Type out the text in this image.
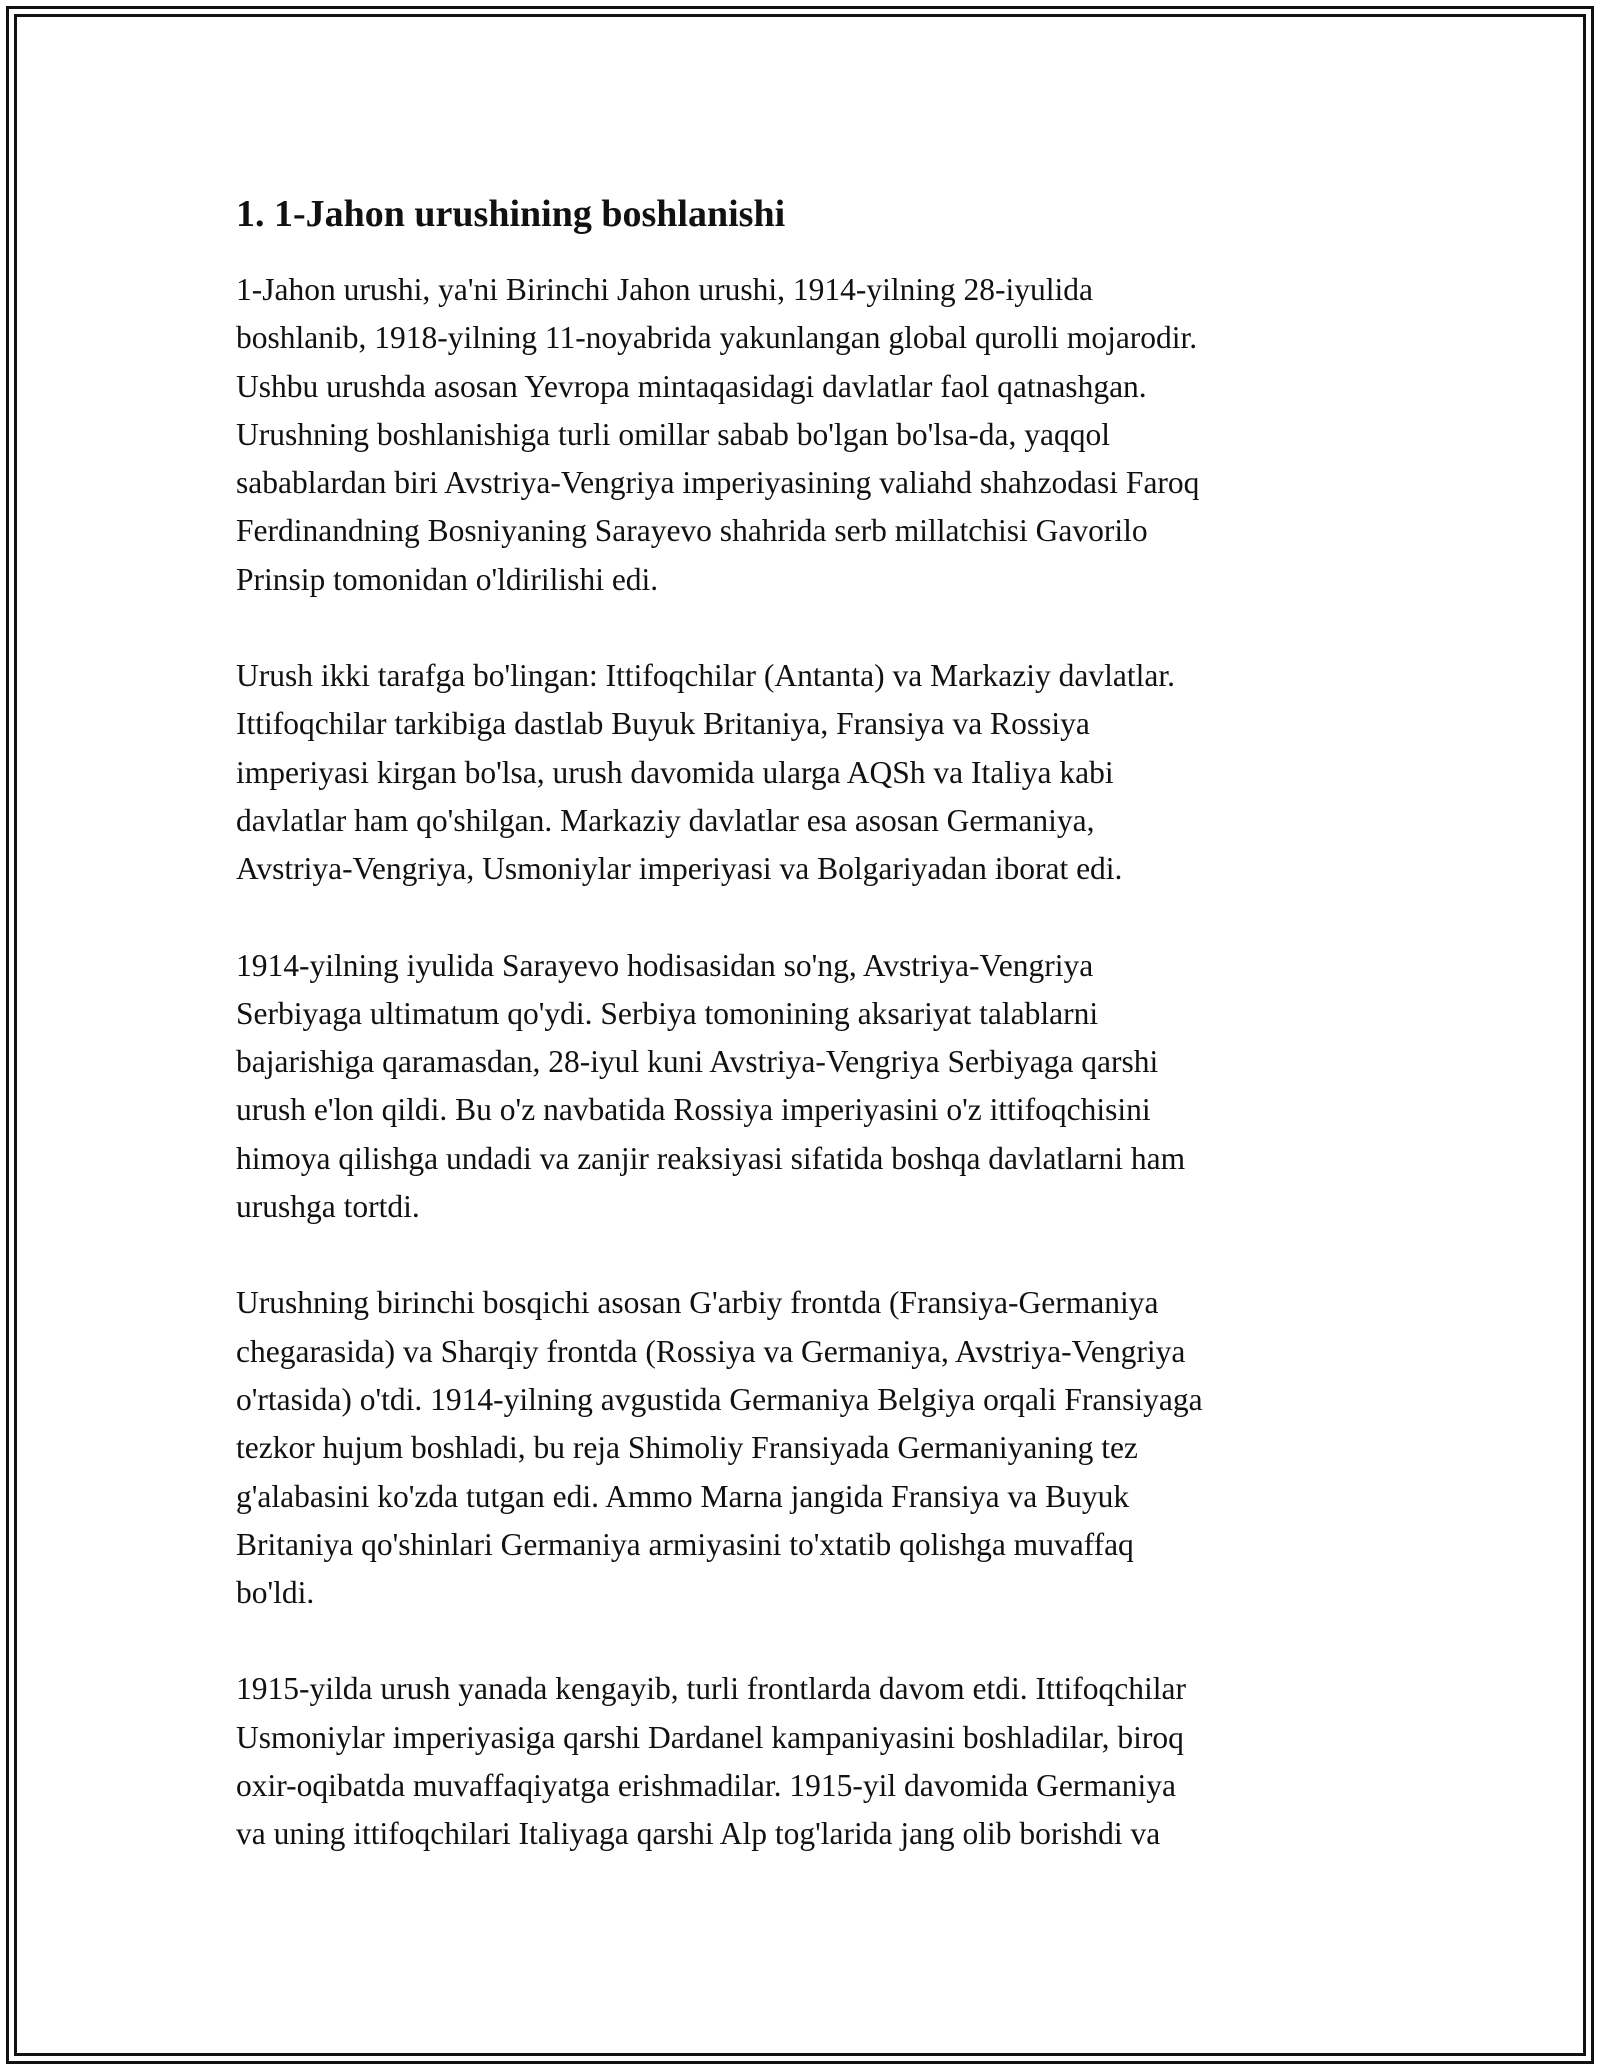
1. 1-Jahon urushining boshlanishi

1-Jahon urushi, ya'ni Birinchi Jahon urushi, 1914-yilning 28-iyulida
boshlanib, 1918-yilning 11-noyabrida yakunlangan global qurolli mojarodir.
Ushbu urushda asosan Yevropa mintaqasidagi davlatlar faol qatnashgan.
Urushning boshlanishiga turli omillar sabab bo'lgan bo'lsa-da, yaqqol
sabablardan biri Avstriya-Vengriya imperiyasining valiahd shahzodasi Faroq
Ferdinandning Bosniyaning Sarayevo shahrida serb millatchisi Gavorilo
Prinsip tomonidan o'ldirilishi edi.

Urush ikki tarafga bo'lingan: Ittifoqchilar (Antanta) va Markaziy davlatlar.
Ittifoqchilar tarkibiga dastlab Buyuk Britaniya, Fransiya va Rossiya
imperiyasi kirgan bo'lsa, urush davomida ularga AQSh va Italiya kabi
davlatlar ham qo'shilgan. Markaziy davlatlar esa asosan Germaniya,
Avstriya-Vengriya, Usmoniylar imperiyasi va Bolgariyadan iborat edi.

1914-yilning iyulida Sarayevo hodisasidan so'ng, Avstriya-Vengriya
Serbiyaga ultimatum qo'ydi. Serbiya tomonining aksariyat talablarni
bajarishiga qaramasdan, 28-iyul kuni Avstriya-Vengriya Serbiyaga qarshi
urush e'lon qildi. Bu o'z navbatida Rossiya imperiyasini o'z ittifoqchisini
himoya qilishga undadi va zanjir reaksiyasi sifatida boshqa davlatlarni ham
urushga tortdi.

Urushning birinchi bosqichi asosan G'arbiy frontda (Fransiya-Germaniya
chegarasida) va Sharqiy frontda (Rossiya va Germaniya, Avstriya-Vengriya
o'rtasida) o'tdi. 1914-yilning avgustida Germaniya Belgiya orqali Fransiyaga
tezkor hujum boshladi, bu reja Shimoliy Fransiyada Germaniyaning tez
g'alabasini ko'zda tutgan edi. Ammo Marna jangida Fransiya va Buyuk
Britaniya qo'shinlari Germaniya armiyasini to'xtatib qolishga muvaffaq
bo'ldi.

1915-yilda urush yanada kengayib, turli frontlarda davom etdi. Ittifoqchilar
Usmoniylar imperiyasiga qarshi Dardanel kampaniyasini boshladilar, biroq
oxir-oqibatda muvaffaqiyatga erishmadilar. 1915-yil davomida Germaniya
va uning ittifoqchilari Italiyaga qarshi Alp tog'larida jang olib borishdi va
